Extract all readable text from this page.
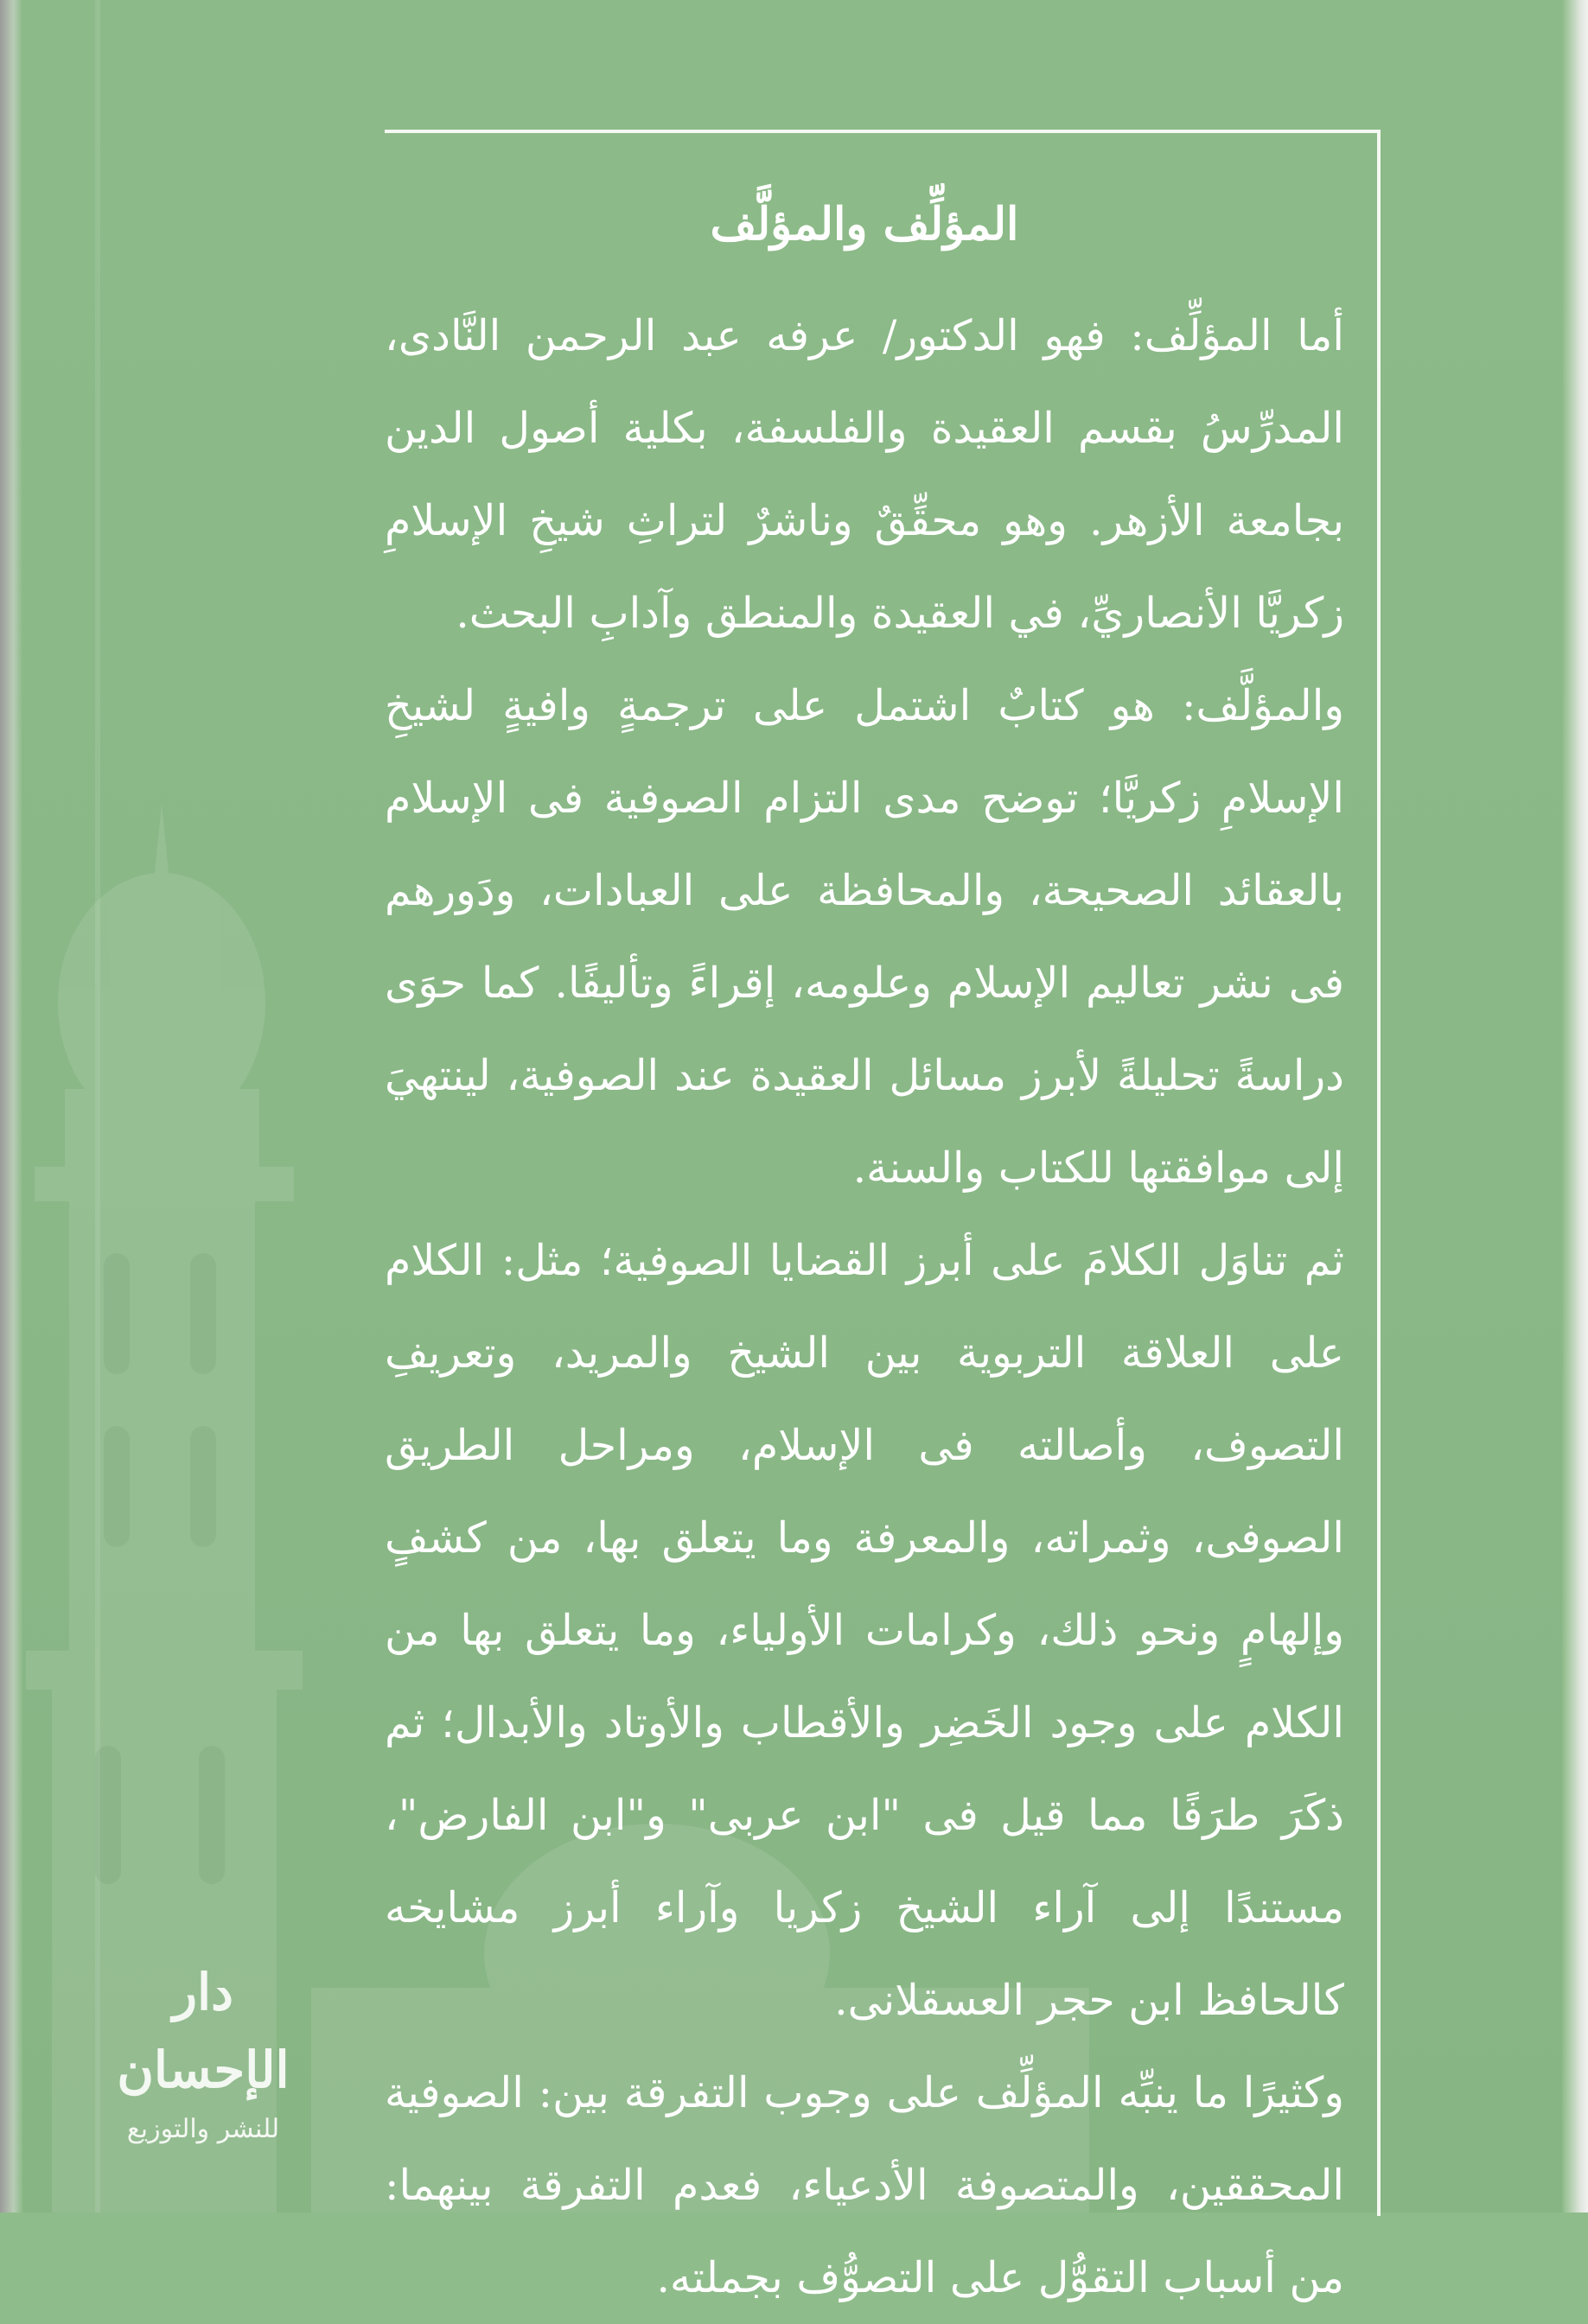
المؤلِّف والمؤلَّف

أما المؤلِّف: فهو الدكتور/ عرفه عبد الرحمن النَّادى، المدرِّسُ بقسم العقيدة والفلسفة، بكلية أصول الدين بجامعة الأزهر. وهو محقِّقٌ وناشرٌ لتراثِ شيخِ الإسلامِ زكريَّا الأنصاريِّ، في العقيدة والمنطق وآدابِ البحث.

والمؤلَّف: هو كتابٌ اشتمل على ترجمةٍ وافيةٍ لشيخِ الإسلامِ زكريَّا؛ توضح مدى التزام الصوفية فى الإسلام بالعقائد الصحيحة، والمحافظة على العبادات، ودَورهم فى نشر تعاليم الإسلام وعلومه، إقراءً وتأليفًا. كما حوَى دراسةً تحليلةً لأبرز مسائل العقيدة عند الصوفية، لينتهيَ إلى موافقتها للكتاب والسنة.

ثم تناوَل الكلامَ على أبرز القضايا الصوفية؛ مثل: الكلام على العلاقة التربوية بين الشيخ والمريد، وتعريفِ التصوف، وأصالته فى الإسلام، ومراحل الطريق الصوفى، وثمراته، والمعرفة وما يتعلق بها، من كشفٍ وإلهامٍ ونحو ذلك، وكرامات الأولياء، وما يتعلق بها من الكلام على وجود الخَضِر والأقطاب والأوتاد والأبدال؛ ثم ذكَرَ طرَفًا مما قيل فى "ابن عربى" و"ابن الفارض"، مستندًا إلى آراء الشيخ زكريا وآراء أبرز مشايخه كالحافظ ابن حجر العسقلانى.

وكثيرًا ما ينبِّه المؤلِّف على وجوب التفرقة بين: الصوفية المحققين، والمتصوفة الأدعياء، فعدم التفرقة بينهما: من أسباب التقوُّل على التصوُّف بجملته.

دار الإحسان
للنشر والتوزيع
